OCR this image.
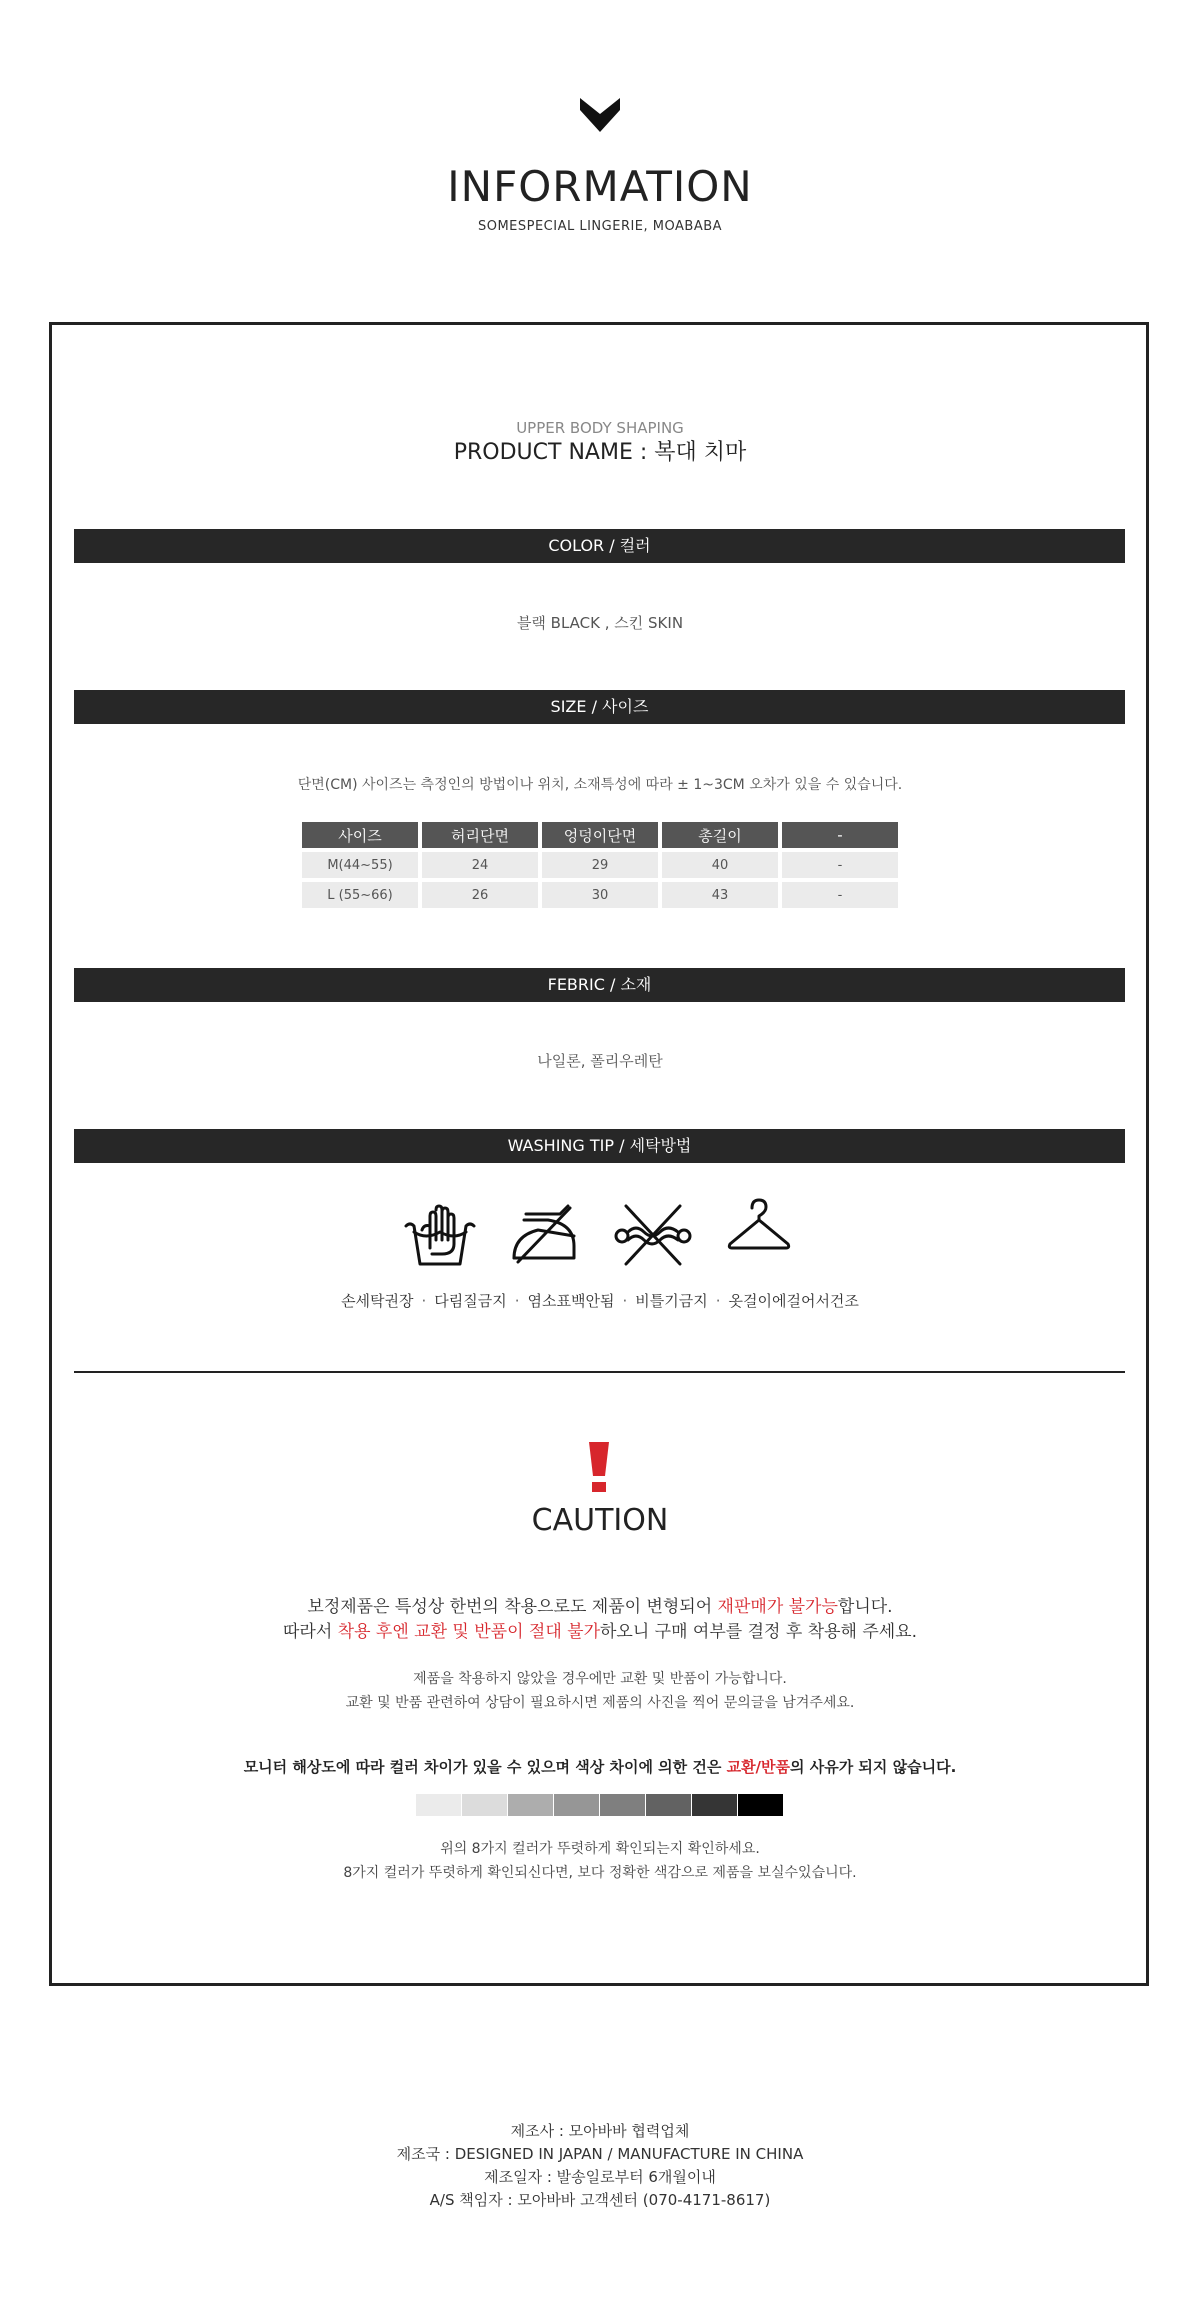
INFORMATION
SOMESPECIAL LINGERIE, MOABABA
UPPER BODY SHAPING
PRODUCT NAME : 복대 치마
COLOR / 컬러
블랙 BLACK , 스킨 SKIN
SIZE / 사이즈
단면(CM) 사이즈는 측정인의 방법이나 위치, 소재특성에 따라 ± 1~3CM 오차가 있을 수 있습니다.
사이즈	허리단면	엉덩이단면	총길이	-
M(44~55)	24	29	40	-
L (55~66)	26	30	43	-
FEBRIC / 소재
나일론, 폴리우레탄
WASHING TIP / 세탁방법
손세탁권장 · 다림질금지 · 염소표백안됨 · 비틀기금지 · 옷걸이에걸어서건조
CAUTION
보정제품은 특성상 한번의 착용으로도 제품이 변형되어 재판매가 불가능합니다.
따라서 착용 후엔 교환 및 반품이 절대 불가하오니 구매 여부를 결정 후 착용해 주세요.
제품을 착용하지 않았을 경우에만 교환 및 반품이 가능합니다.
교환 및 반품 관련하여 상담이 필요하시면 제품의 사진을 찍어 문의글을 남겨주세요.
모니터 해상도에 따라 컬러 차이가 있을 수 있으며 색상 차이에 의한 건은 교환/반품의 사유가 되지 않습니다.
위의 8가지 컬러가 뚜렷하게 확인되는지 확인하세요.
8가지 컬러가 뚜렷하게 확인되신다면, 보다 정확한 색감으로 제품을 보실수있습니다.
제조사 : 모아바바 협력업체
제조국 : DESIGNED IN JAPAN / MANUFACTURE IN CHINA
제조일자 : 발송일로부터 6개월이내
A/S 책임자 : 모아바바 고객센터 (070-4171-8617)
